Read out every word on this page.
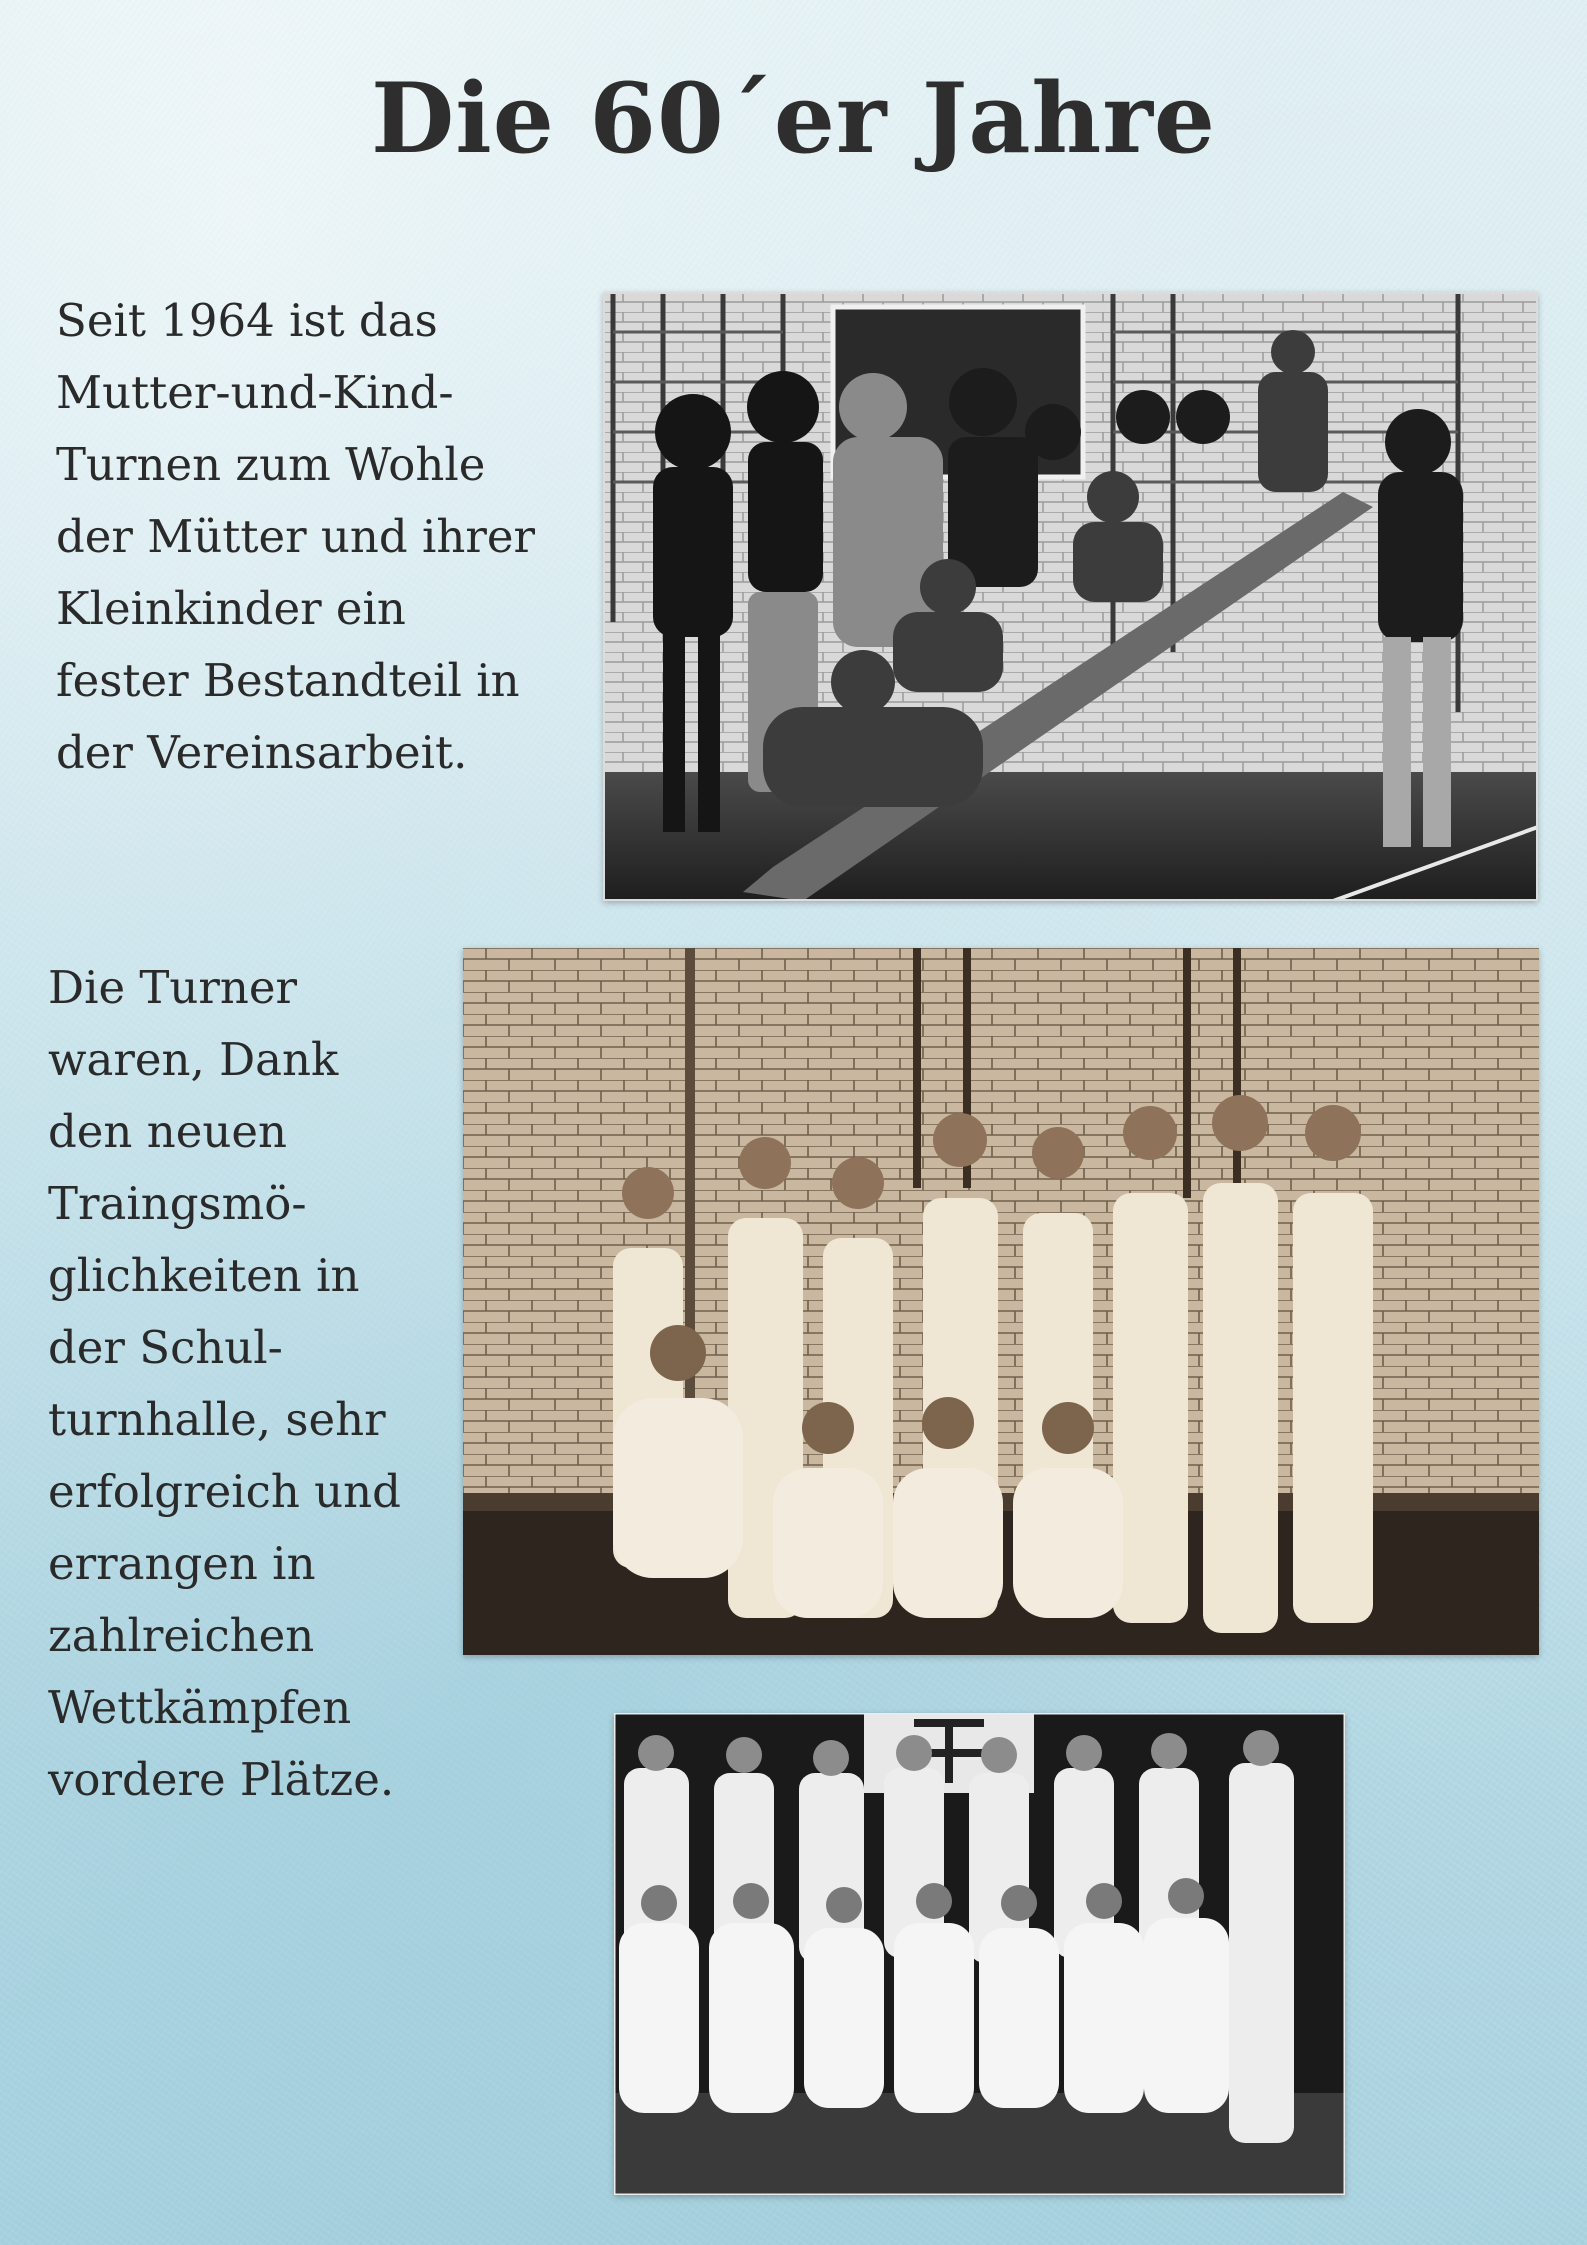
Die 60´er Jahre
Seit 1964 ist das
Mutter-und-Kind-
Turnen zum Wohle
der Mütter und ihrer
Kleinkinder ein
fester Bestandteil in
der Vereinsarbeit.
Die Turner
waren, Dank
den neuen
Traingsmö-
glichkeiten in
der Schul-
turnhalle, sehr
erfolgreich und
errangen in
zahlreichen
Wettkämpfen
vordere Plätze.
